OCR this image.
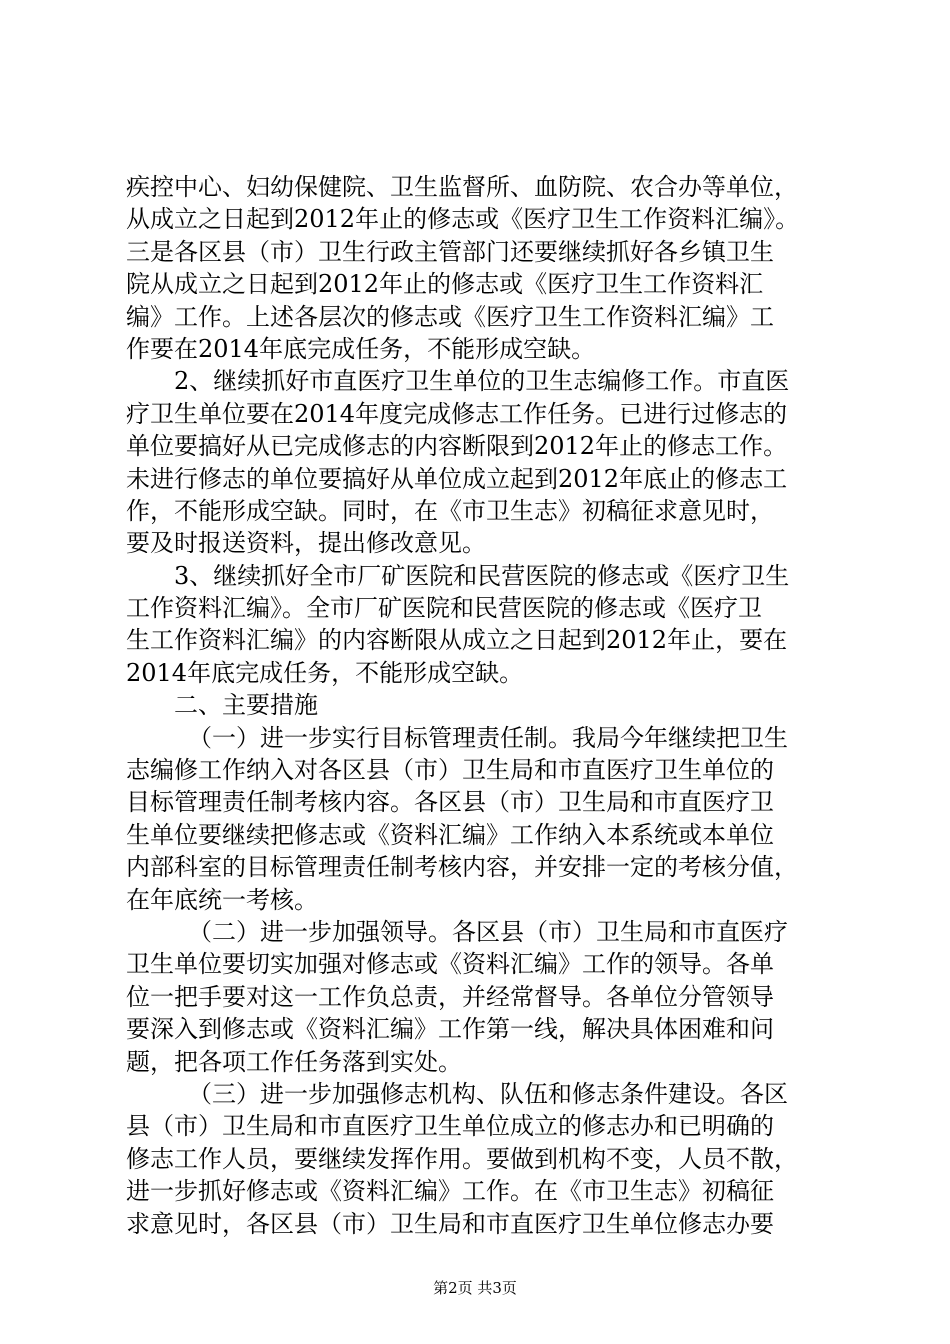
疾控中心、妇幼保健院、卫生监督所、血防院、农合办等单位，
从成立之日起到2012年止的修志或《医疗卫生工作资料汇编》。
三是各区县（市）卫生行政主管部门还要继续抓好各乡镇卫生
院从成立之日起到2012年止的修志或《医疗卫生工作资料汇
编》工作。上述各层次的修志或《医疗卫生工作资料汇编》工
作要在2014年底完成任务，不能形成空缺。
2、继续抓好市直医疗卫生单位的卫生志编修工作。市直医
疗卫生单位要在2014年度完成修志工作任务。已进行过修志的
单位要搞好从已完成修志的内容断限到2012年止的修志工作。
未进行修志的单位要搞好从单位成立起到2012年底止的修志工
作，不能形成空缺。同时，在《市卫生志》初稿征求意见时，
要及时报送资料，提出修改意见。
3、继续抓好全市厂矿医院和民营医院的修志或《医疗卫生
工作资料汇编》。全市厂矿医院和民营医院的修志或《医疗卫
生工作资料汇编》的内容断限从成立之日起到2012年止，要在
2014年底完成任务，不能形成空缺。
二、主要措施
（一）进一步实行目标管理责任制。我局今年继续把卫生
志编修工作纳入对各区县（市）卫生局和市直医疗卫生单位的
目标管理责任制考核内容。各区县（市）卫生局和市直医疗卫
生单位要继续把修志或《资料汇编》工作纳入本系统或本单位
内部科室的目标管理责任制考核内容，并安排一定的考核分值，
在年底统一考核。
（二）进一步加强领导。各区县（市）卫生局和市直医疗
卫生单位要切实加强对修志或《资料汇编》工作的领导。各单
位一把手要对这一工作负总责，并经常督导。各单位分管领导
要深入到修志或《资料汇编》工作第一线，解决具体困难和问
题，把各项工作任务落到实处。
（三）进一步加强修志机构、队伍和修志条件建设。各区
县（市）卫生局和市直医疗卫生单位成立的修志办和已明确的
修志工作人员，要继续发挥作用。要做到机构不变，人员不散，
进一步抓好修志或《资料汇编》工作。在《市卫生志》初稿征
求意见时，各区县（市）卫生局和市直医疗卫生单位修志办要
第2页 共3页
